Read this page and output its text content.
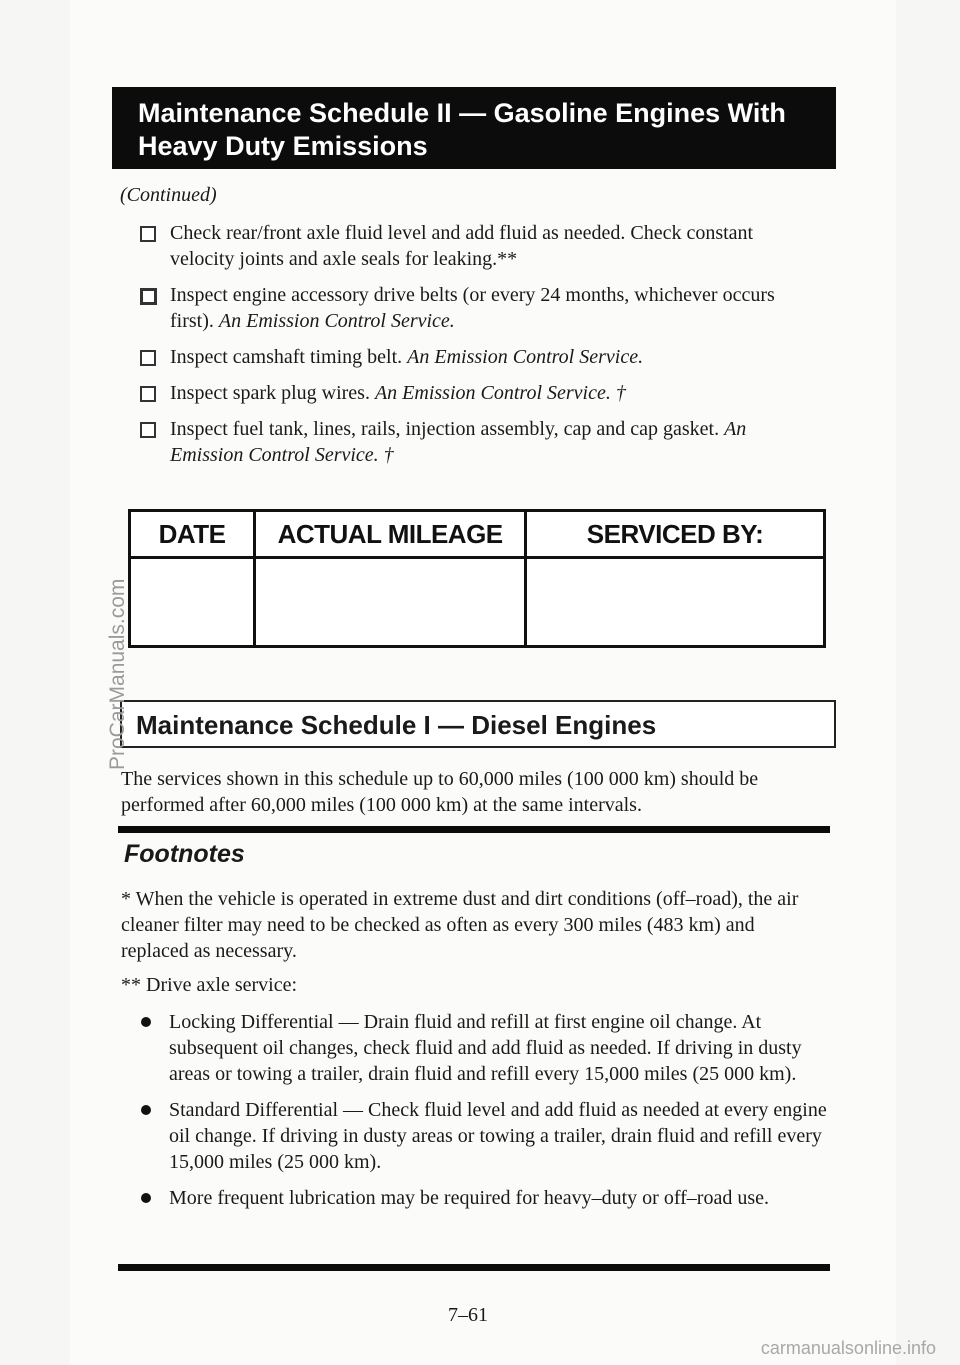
Maintenance Schedule II — Gasoline Engines With
Heavy Duty Emissions
(Continued)
Check rear/front axle fluid level and add fluid as needed. Check constant velocity joints and axle seals for leaking.**
Inspect engine accessory drive belts (or every 24 months, whichever occurs first). An Emission Control Service.
Inspect camshaft timing belt. An Emission Control Service.
Inspect spark plug wires. An Emission Control Service. †
Inspect fuel tank, lines, rails, injection assembly, cap and cap gasket. An Emission Control Service. †
DATE	ACTUAL MILEAGE	SERVICED BY:

Maintenance Schedule I — Diesel Engines
The services shown in this schedule up to 60,000 miles (100 000 km) should be performed after 60,000 miles (100 000 km) at the same intervals.
Footnotes

* When the vehicle is operated in extreme dust and dirt conditions (off–road), the air cleaner filter may need to be checked as often as every 300 miles (483 km) and replaced as necessary.

** Drive axle service:

Locking Differential — Drain fluid and refill at first engine oil change. At subsequent oil changes, check fluid and add fluid as needed. If driving in dusty areas or towing a trailer, drain fluid and refill every 15,000 miles (25 000 km).
Standard Differential — Check fluid level and add fluid as needed at every engine oil change. If driving in dusty areas or towing a trailer, drain fluid and refill every 15,000 miles (25 000 km).
More frequent lubrication may be required for heavy–duty or off–road use.
7–61
ProCarManuals.com
carmanualsonline.info
